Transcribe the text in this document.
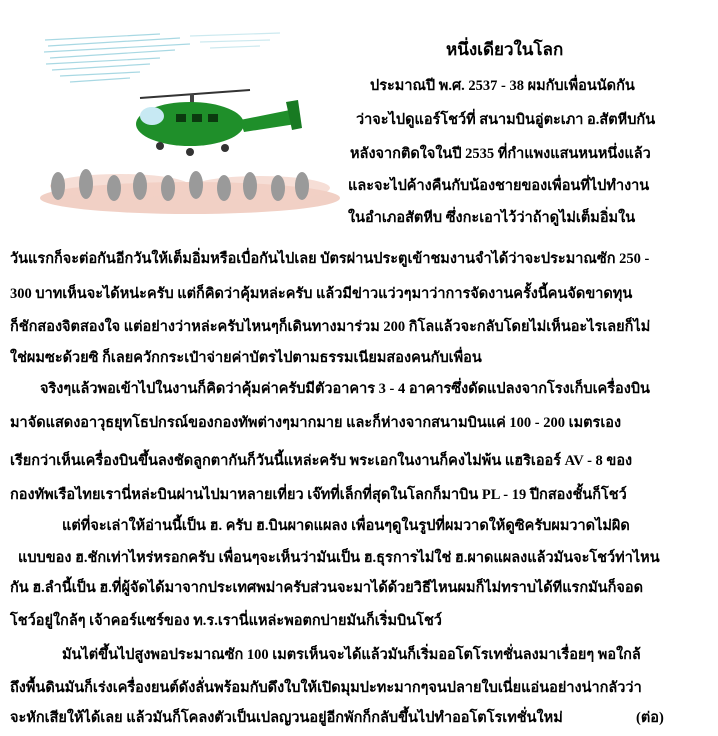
หนึ่งเดียวในโลก
ประมาณปี พ.ศ. 2537 - 38 ผมกับเพื่อนนัดกัน
ว่าจะไปดูแอร์โชว์ที่ สนามบินอู่ตะเภา อ.สัตหีบกัน
หลังจากติดใจในปี 2535 ที่กำแพงแสนหนหนึ่งแล้ว
และจะไปค้างคืนกับน้องชายของเพื่อนที่ไปทำงาน
ในอำเภอสัตหีบ ซึ่งกะเอาไว้ว่าถ้าดูไม่เต็มอิ่มใน
วันแรกก็จะต่อกันอีกวันให้เต็มอิ่มหรือเบื่อกันไปเลย บัตรผ่านประตูเข้าชมงานจำได้ว่าจะประมาณซัก 250 -
300 บาทเห็นจะได้หน่ะครับ แต่ก็คิดว่าคุ้มหล่ะครับ แล้วมีข่าวแว่วๆมาว่าการจัดงานครั้งนี้คนจัดขาดทุน
ก็ชักสองจิตสองใจ แต่อย่างว่าหล่ะครับไหนๆก็เดินทางมาร่วม 200 กิโลแล้วจะกลับโดยไม่เห็นอะไรเลยก็ไม่
ใช่ผมซะด้วยซิ ก็เลยควักกระเป๋าจ่ายค่าบัตรไปตามธรรมเนียมสองคนกับเพื่อน
จริงๆแล้วพอเข้าไปในงานก็คิดว่าคุ้มค่าครับมีตัวอาคาร 3 - 4 อาคารซึ่งดัดแปลงจากโรงเก็บเครื่องบิน
มาจัดแสดงอาวุธยุทโธปกรณ์ของกองทัพต่างๆมากมาย และก็ห่างจากสนามบินแค่ 100 - 200 เมตรเอง
เรียกว่าเห็นเครื่องบินขึ้นลงชัดลูกตากันก็วันนี้แหล่ะครับ พระเอกในงานก็คงไม่พ้น แฮริเออร์ AV - 8 ของ
กองทัพเรือไทยเรานี่หล่ะบินผ่านไปมาหลายเที่ยว เจ๊ทที่เล็กที่สุดในโลกก็มาบิน PL - 19 ปีกสองชั้นก็โชว์
แต่ที่จะเล่าให้อ่านนี้เป็น ฮ. ครับ ฮ.บินผาดแผลง เพื่อนๆดูในรูปที่ผมวาดให้ดูซิครับผมวาดไม่ผิด
แบบของ ฮ.ชักเท่าไหร่หรอกครับ เพื่อนๆจะเห็นว่ามันเป็น ฮ.ธุรการไม่ใช่ ฮ.ผาดแผลงแล้วมันจะโชว์ท่าไหน
กัน ฮ.ลำนี้เป็น ฮ.ที่ผู้จัดได้มาจากประเทศพม่าครับส่วนจะมาได้ด้วยวิธีไหนผมก็ไม่ทราบได้ทีแรกมันก็จอด
โชว์อยู่ใกล้ๆ เจ้าคอร์แซร์ของ ท.ร.เรานี่แหล่ะพอตกบ่ายมันก็เริ่มบินโชว์
มันไต่ขึ้นไปสูงพอประมาณซัก 100 เมตรเห็นจะได้แล้วมันก็เริ่มออโตโรเทชั่นลงมาเรื่อยๆ พอใกล้
ถึงพื้นดินมันก็เร่งเครื่องยนต์ดังลั่นพร้อมกับดึงใบให้เปิดมุมปะทะมากๆจนปลายใบเนี่ยแอ่นอย่างน่ากลัวว่า
จะหักเสียให้ได้เลย แล้วมันก็โคลงตัวเป็นเปลญวนอยู่อีกพักก็กลับขึ้นไปทำออโตโรเทชั่นใหม่	(ต่อ)
